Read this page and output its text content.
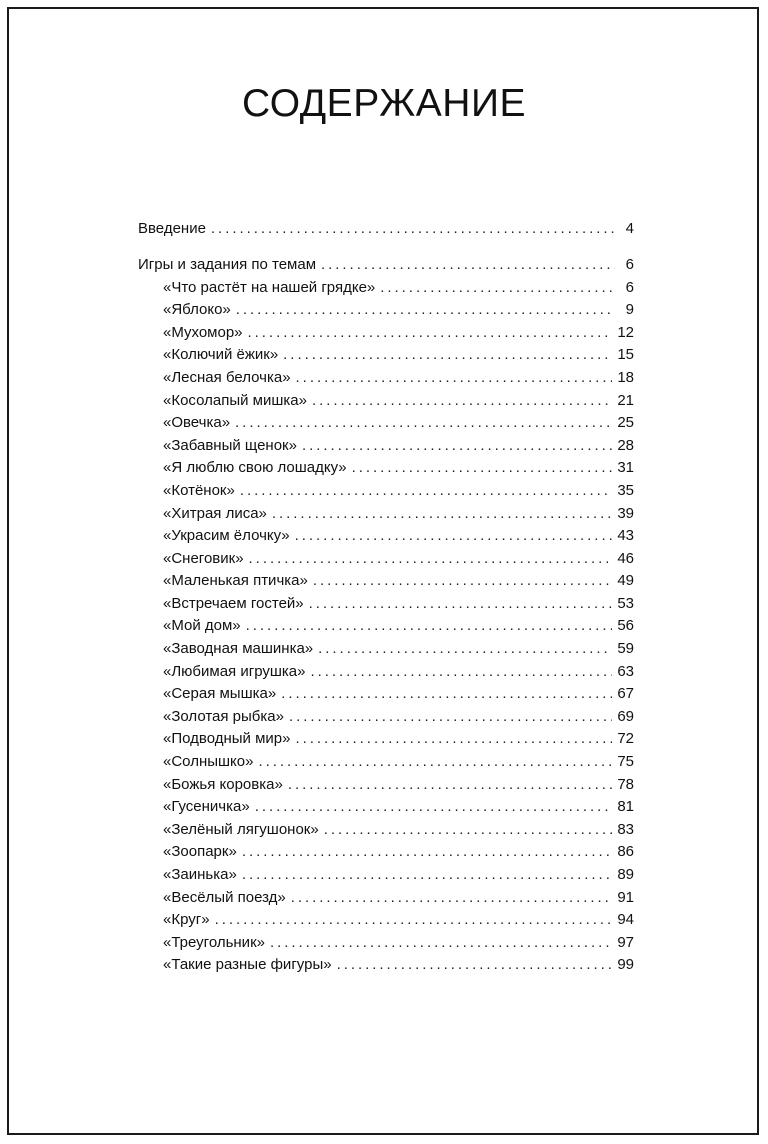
СОДЕРЖАНИЕ
Введение . . .	4
Игры и задания по темам . . .	6
«Что растёт на нашей грядке» . . .	6
«Яблоко» . . .	9
«Мухомор» . . .	12
«Колючий ёжик» . . .	15
«Лесная белочка» . . .	18
«Косолапый мишка» . . .	21
«Овечка» . . .	25
«Забавный щенок» . . .	28
«Я люблю свою лошадку» . . .	31
«Котёнок» . . .	35
«Хитрая лиса» . . .	39
«Украсим ёлочку» . . .	43
«Снеговик» . . .	46
«Маленькая птичка» . . .	49
«Встречаем гостей» . . .	53
«Мой дом» . . .	56
«Заводная машинка» . . .	59
«Любимая игрушка» . . .	63
«Серая мышка» . . .	67
«Золотая рыбка» . . .	69
«Подводный мир» . . .	72
«Солнышко» . . .	75
«Божья коровка» . . .	78
«Гусеничка» . . .	81
«Зелёный лягушонок» . . .	83
«Зоопарк» . . .	86
«Заинька» . . .	89
«Весёлый поезд» . . .	91
«Круг» . . .	94
«Треугольник» . . .	97
«Такие разные фигуры» . . .	99
